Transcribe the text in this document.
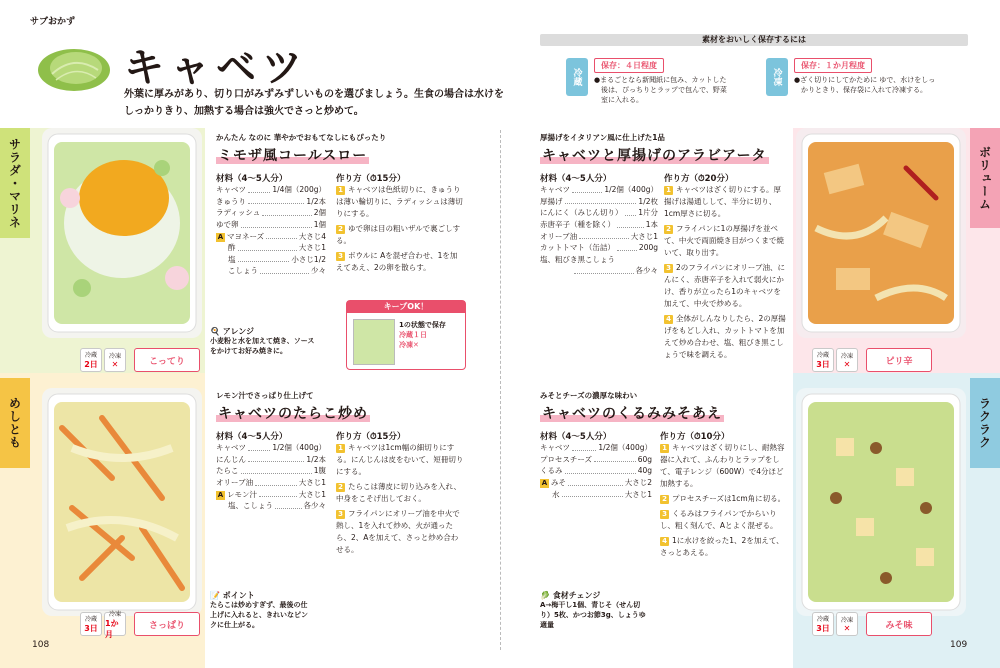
サラダ・マリネ
めしとも
ボリューム
ラクラク
サブおかず
キャベツ
外葉に厚みがあり、切り口がみずみずしいものを選びましょう。生食の場合は水けを
しっかりきり、加熱する場合は強火でさっと炒めて。
素材をおいしく保存するには
冷蔵
保存：４日程度
●まるごとなら新聞紙に包み、カットした
　後は、ぴっちりとラップで包んで、野菜
　室に入れる。
冷凍
保存：１か月程度
●ざく切りにしてかために ゆで、水けをしっ
　かりときり、保存袋に入れて冷凍する。
冷蔵
2日
冷凍
✕	こってり
冷蔵
3日
冷凍
1か月
さっぱり
冷蔵
3日
冷凍
✕	ピリ辛
冷蔵
3日
冷凍
✕	みそ味
🍳 アレンジ
小麦粉と水を加えて焼き、ソース
をかけてお好み焼きに。
📝 ポイント
たらこは炒めすぎず、最後の仕
上げに入れると、きれいなピン
クに仕上がる。
🥬 食材チェンジ
A→梅干し1個、青じそ（せん切
り）5枚、かつお節3g、しょうゆ
適量
キープOK！
1の状態で保存
冷蔵１日
冷凍✕
かんたん なのに 華やかでおもてなしにもぴったり
ミモザ風コールスロー
材料（4〜5人分）
キャベツ	1/4個（200g）
きゅうり	1/2本
ラディッシュ	2個
ゆで卵	1個
A マヨネーズ	大さじ4
酢	大さじ1
塩	小さじ1/2
こしょう	少々
作り方（⏱15分）
1 キャベツは色紙切りに、きゅうりは薄い輪切りに、ラディッシュは薄切りにする。
2 ゆで卵は目の粗いザルで裏ごしする。
3 ボウルに Aを混ぜ合わせ、1を加えてあえ、2の卵を散らす。
レモン汁でさっぱり仕上げて
キャベツのたらこ炒め
材料（4〜5人分）
キャベツ	1/2個（400g）
にんじん	1/2本
たらこ	1腹
オリーブ油	大さじ1
A レモン汁	大さじ1
塩、こしょう	各少々
作り方（⏱15分）
1 キャベツは1cm幅の細切りにする。にんじんは皮をむいて、短冊切りにする。
2 たらこは薄皮に切り込みを入れ、中身をこそげ出しておく。
3 フライパンにオリーブ油を中火で熱し、1を入れて炒め、火が通ったら、2、Aを加えて、さっと炒め合わせる。
厚揚げをイタリアン風に仕上げた1品
キャベツと厚揚げのアラビアータ
材料（4〜5人分）
キャベツ	1/2個（400g）
厚揚げ	1/2枚
にんにく（みじん切り） 1片分
赤唐辛子（種を除く）	1本
オリーブ油	大さじ1
カットトマト（缶詰）	200g
塩、粗びき黒こしょう
各少々
作り方（⏱20分）
1 キャベツはざく切りにする。厚揚げは湯通しして、半分に切り、1cm厚さに切る。
2 フライパンに1の厚揚げを並べて、中火で両面焼き目がつくまで焼いて、取り出す。
3 2のフライパンにオリーブ油、にんにく、赤唐辛子を入れて弱火にかけ、香りが立ったら1のキャベツを加えて、中火で炒める。
4 全体がしんなりしたら、2の厚揚げをもどし入れ、カットトマトを加えて炒め合わせ、塩、粗びき黒こしょうで味を調える。
みそとチーズの濃厚な味わい
キャベツのくるみみそあえ
材料（4〜5人分）
キャベツ	1/2個（400g）
プロセスチーズ	60g
くるみ	40g
A みそ	大さじ2
水	大さじ1
作り方（⏱10分）
1 キャベツはざく切りにし、耐熱容器に入れて、ふんわりとラップをして、電子レンジ（600W）で4分ほど加熱する。
2 プロセスチーズは1cm角に切る。
3 くるみはフライパンでからいりし、粗く刻んで、Aとよく混ぜる。
4 1に水けを絞った1、2を加えて、さっとあえる。
108	109
